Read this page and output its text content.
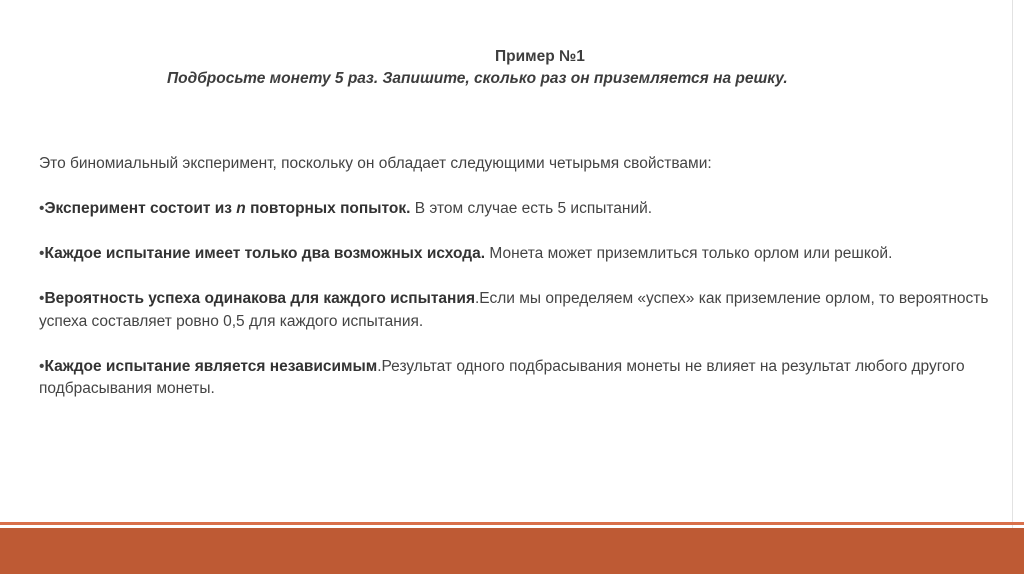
Пример №1
Подбросьте монету 5 раз. Запишите, сколько раз он приземляется на решку.

Это биномиальный эксперимент, поскольку он обладает следующими четырьмя свойствами:

•Эксперимент состоит из n повторных попыток. В этом случае есть 5 испытаний.

•Каждое испытание имеет только два возможных исхода. Монета может приземлиться только орлом или решкой.

•Вероятность успеха одинакова для каждого испытания.Если мы определяем «успех» как приземление орлом, то вероятность успеха составляет ровно 0,5 для каждого испытания.

•Каждое испытание является независимым.Результат одного подбрасывания монеты не влияет на результат любого другого подбрасывания монеты.
